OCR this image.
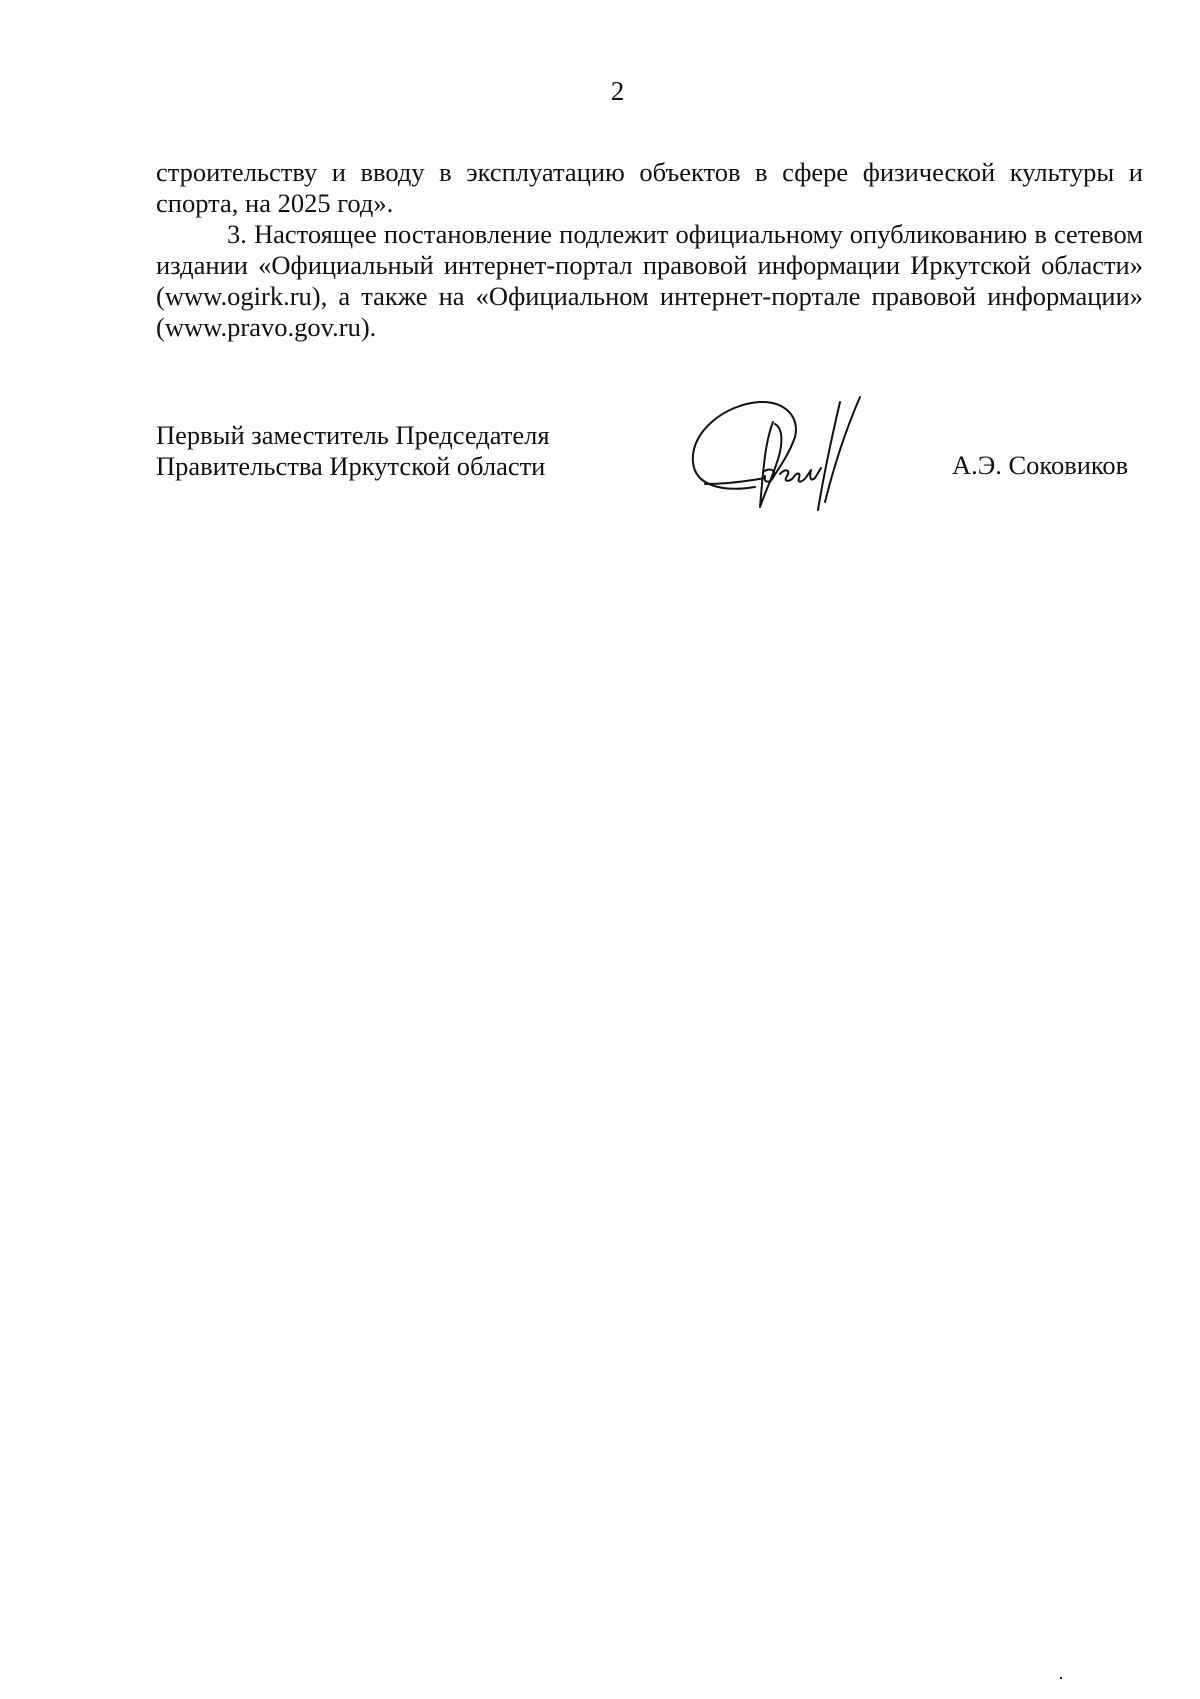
2

строительству и вводу в эксплуатацию объектов в сфере физической культуры и спорта, на 2025 год».

3. Настоящее постановление подлежит официальному опубликованию в сетевом издании «Официальный интернет-портал правовой информации Иркутской области» (www.ogirk.ru), а также на «Официальном интернет-портале правовой информации» (www.pravo.gov.ru).

Первый заместитель Председателя
Правительства Иркутской области	А.Э. Соковиков
